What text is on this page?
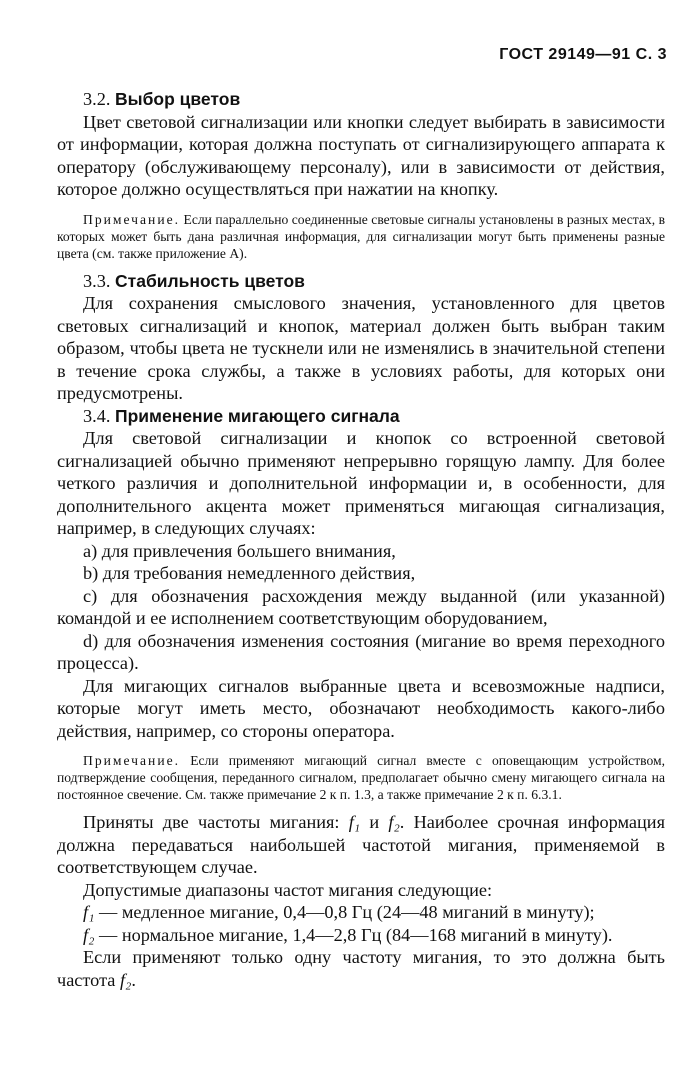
ГОСТ 29149—91 С. 3

3.2. Выбор цветов

Цвет световой сигнализации или кнопки следует выбирать в зависимости от информации, которая должна поступать от сигнализирующего аппарата к оператору (обслуживающему персоналу), или в зависимости от действия, которое должно осуществляться при нажатии на кнопку.

Примечание. Если параллельно соединенные световые сигналы установлены в разных местах, в которых может быть дана различная информация, для сигнализации могут быть применены разные цвета (см. также приложение А).

3.3. Стабильность цветов

Для сохранения смыслового значения, установленного для цветов световых сигнализаций и кнопок, материал должен быть выбран таким образом, чтобы цвета не тускнели или не изменялись в значительной степени в течение срока службы, а также в условиях работы, для которых они предусмотрены.

3.4. Применение мигающего сигнала

Для световой сигнализации и кнопок со встроенной световой сигнализацией обычно применяют непрерывно горящую лампу. Для более четкого различия и дополнительной информации и, в особенности, для дополнительного акцента может применяться мигающая сигнализация, например, в следующих случаях:

а) для привлечения большего внимания,

b) для требования немедленного действия,

c) для обозначения расхождения между выданной (или указанной) командой и ее исполнением соответствующим оборудованием,

d) для обозначения изменения состояния (мигание во время переходного процесса).

Для мигающих сигналов выбранные цвета и всевозможные надписи, которые могут иметь место, обозначают необходимость какого-либо действия, например, со стороны оператора.

Примечание. Если применяют мигающий сигнал вместе с оповещающим устройством, подтверждение сообщения, переданного сигналом, предполагает обычно смену мигающего сигнала на постоянное свечение. См. также примечание 2 к п. 1.3, а также примечание 2 к п. 6.3.1.

Приняты две частоты мигания: f₁ и f₂. Наиболее срочная информация должна передаваться наибольшей частотой мигания, применяемой в соответствующем случае.

Допустимые диапазоны частот мигания следующие:

f₁ — медленное мигание, 0,4—0,8 Гц (24—48 миганий в минуту);

f₂ — нормальное мигание, 1,4—2,8 Гц (84—168 миганий в минуту).

Если применяют только одну частоту мигания, то это должна быть частота f₂.
